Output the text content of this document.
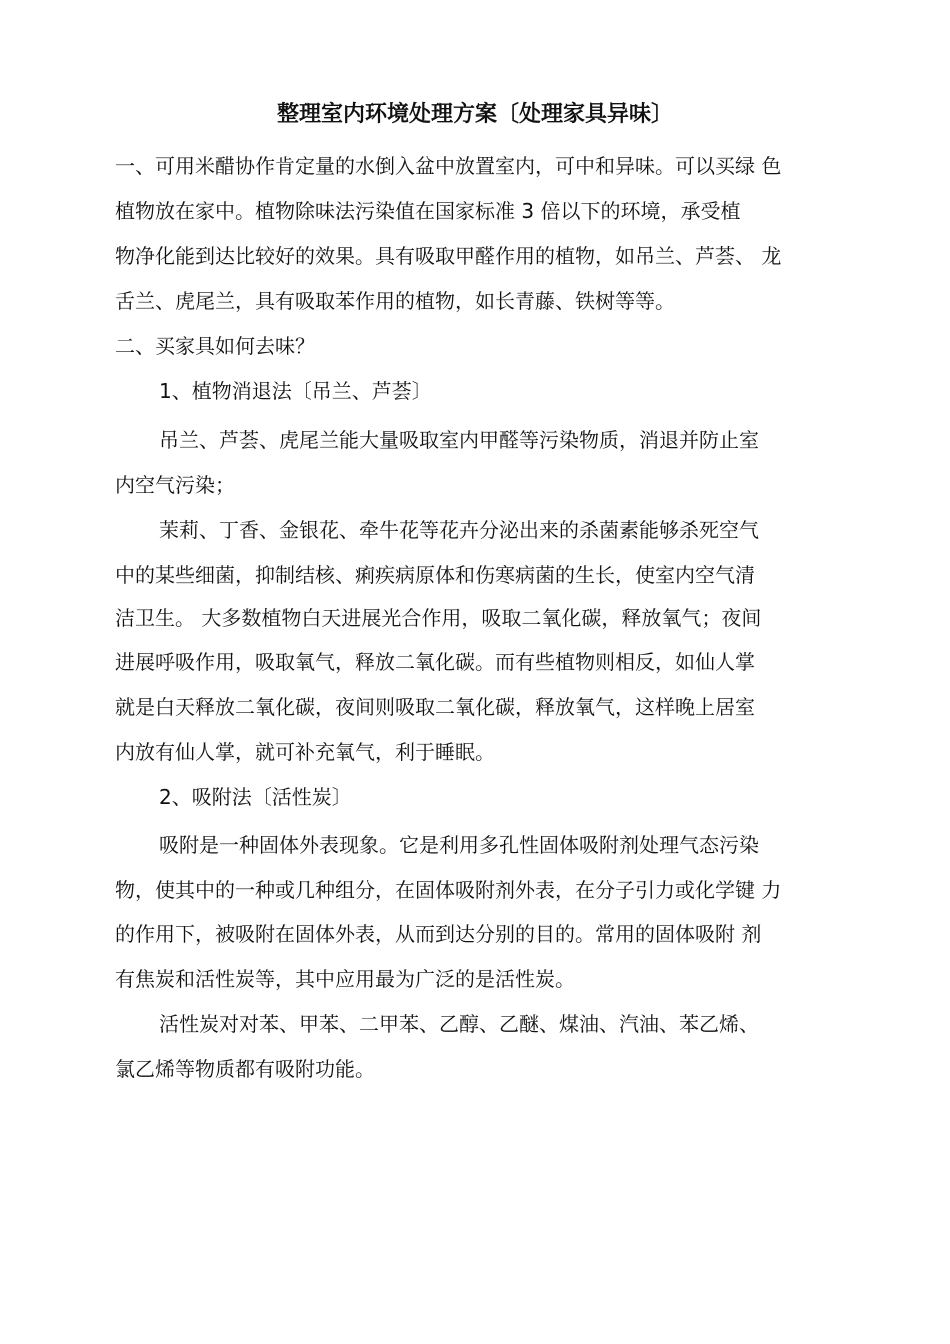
整理室内环境处理方案〔处理家具异味〕

一、可用米醋协作肯定量的水倒入盆中放置室内，可中和异味。可以买绿 色

植物放在家中。植物除味法污染值在国家标准 3 倍以下的环境，承受植

物净化能到达比较好的效果。具有吸取甲醛作用的植物，如吊兰、芦荟、 龙

舌兰、虎尾兰，具有吸取苯作用的植物，如长青藤、铁树等等。

二、买家具如何去味？

1、植物消退法〔吊兰、芦荟〕

吊兰、芦荟、虎尾兰能大量吸取室内甲醛等污染物质，消退并防止室

内空气污染；

茉莉、丁香、金银花、牵牛花等花卉分泌出来的杀菌素能够杀死空气

中的某些细菌，抑制结核、痢疾病原体和伤寒病菌的生长，使室内空气清

洁卫生。 大多数植物白天进展光合作用，吸取二氧化碳，释放氧气；夜间

进展呼吸作用，吸取氧气，释放二氧化碳。而有些植物则相反，如仙人掌

就是白天释放二氧化碳，夜间则吸取二氧化碳，释放氧气，这样晚上居室

内放有仙人掌，就可补充氧气，利于睡眠。

2、吸附法〔活性炭〕

吸附是一种固体外表现象。它是利用多孔性固体吸附剂处理气态污染

物，使其中的一种或几种组分，在固体吸附剂外表，在分子引力或化学键 力

的作用下，被吸附在固体外表，从而到达分别的目的。常用的固体吸附 剂

有焦炭和活性炭等，其中应用最为广泛的是活性炭。

活性炭对对苯、甲苯、二甲苯、乙醇、乙醚、煤油、汽油、苯乙烯、

氯乙烯等物质都有吸附功能。
